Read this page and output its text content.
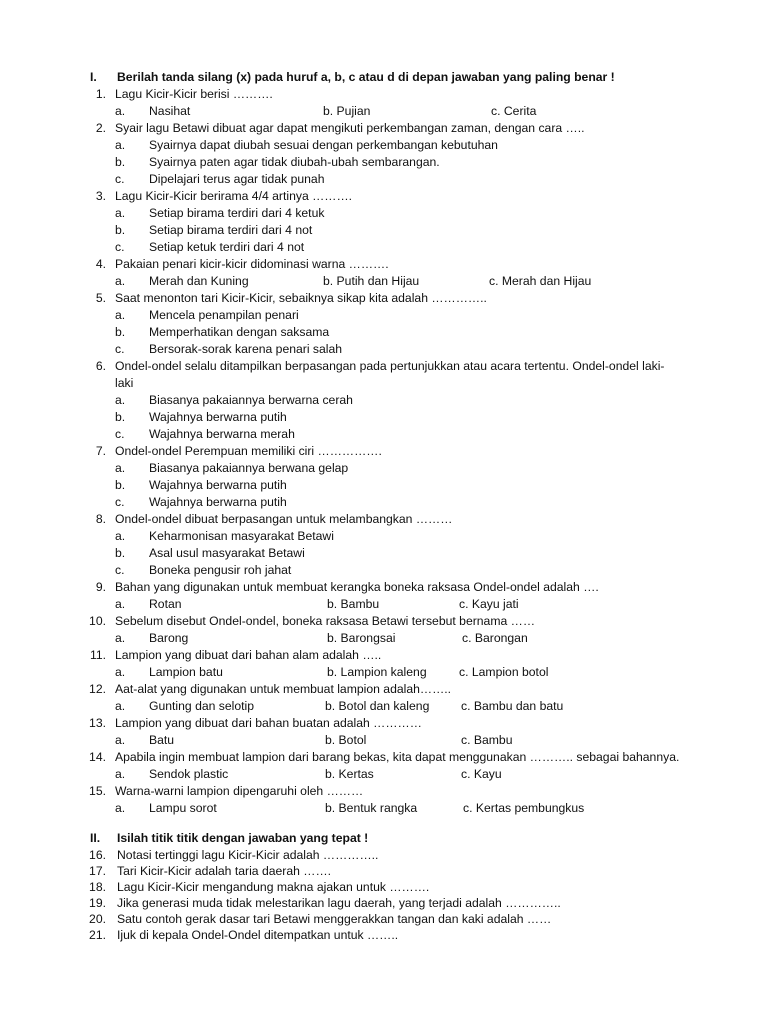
I. Berilah tanda silang (x) pada huruf a, b, c atau d di depan jawaban yang paling benar !
1. Lagu Kicir-Kicir berisi ……….
a. Nasihat	b. Pujian	c. Cerita
2. Syair lagu Betawi dibuat agar dapat mengikuti perkembangan zaman, dengan cara …..
a. Syairnya dapat diubah sesuai dengan perkembangan kebutuhan
b. Syairnya paten agar tidak diubah-ubah sembarangan.
c. Dipelajari terus agar tidak punah
3. Lagu Kicir-Kicir berirama 4/4 artinya ……….
a. Setiap birama terdiri dari 4 ketuk
b. Setiap birama terdiri dari 4 not
c. Setiap ketuk terdiri dari 4 not
4. Pakaian penari kicir-kicir didominasi warna ……….
a. Merah dan Kuning	b. Putih dan Hijau	c. Merah dan Hijau
5. Saat menonton tari Kicir-Kicir, sebaiknya sikap kita adalah …………..
a. Mencela penampilan penari
b. Memperhatikan dengan saksama
c. Bersorak-sorak karena penari salah
6. Ondel-ondel selalu ditampilkan berpasangan pada pertunjukkan atau acara tertentu. Ondel-ondel laki-laki
a. Biasanya pakaiannya berwarna cerah
b. Wajahnya berwarna putih
c. Wajahnya berwarna merah
7. Ondel-ondel Perempuan memiliki ciri …………….
a. Biasanya pakaiannya berwana gelap
b. Wajahnya berwarna putih
c. Wajahnya berwarna putih
8. Ondel-ondel dibuat berpasangan untuk melambangkan ………
a. Keharmonisan masyarakat Betawi
b. Asal usul masyarakat Betawi
c. Boneka pengusir roh jahat
9. Bahan yang digunakan untuk membuat kerangka boneka raksasa Ondel-ondel adalah ….
a. Rotan	b. Bambu	c. Kayu jati
10. Sebelum disebut Ondel-ondel, boneka raksasa Betawi tersebut bernama ……
a. Barong	b. Barongsai	c. Barongan
11. Lampion yang dibuat dari bahan alam adalah …..
a. Lampion batu	b. Lampion kaleng	c. Lampion botol
12. Aat-alat yang digunakan untuk membuat lampion adalah……..
a. Gunting dan selotip	b. Botol dan kaleng	c. Bambu dan batu
13. Lampion yang dibuat dari bahan buatan adalah …………
a. Batu	b. Botol	c. Bambu
14. Apabila ingin membuat lampion dari barang bekas, kita dapat menggunakan ……….. sebagai bahannya.
a. Sendok plastic	b. Kertas	c. Kayu
15. Warna-warni lampion dipengaruhi oleh ………
a. Lampu sorot	b. Bentuk rangka	c. Kertas pembungkus
II. Isilah titik titik dengan jawaban yang tepat !
16. Notasi tertinggi lagu Kicir-Kicir adalah …………..
17. Tari Kicir-Kicir adalah taria daerah …….
18. Lagu Kicir-Kicir mengandung makna ajakan untuk ……….
19. Jika generasi muda tidak melestarikan lagu daerah, yang terjadi adalah …………..
20. Satu contoh gerak dasar tari Betawi menggerakkan tangan dan kaki adalah ……
21. Ijuk di kepala Ondel-Ondel ditempatkan untuk ……..
